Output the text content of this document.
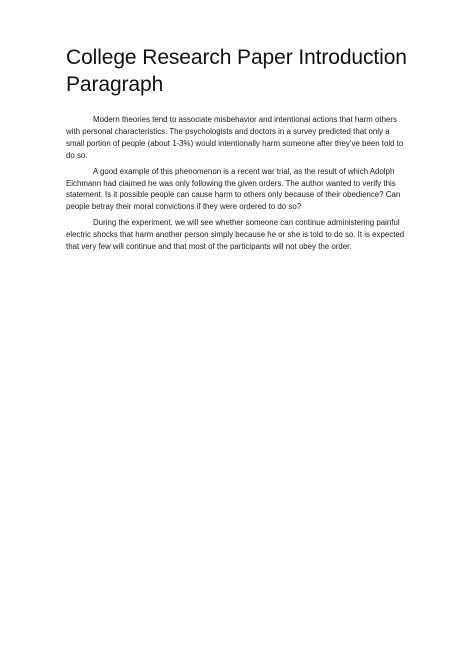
College Research Paper Introduction Paragraph

Modern theories tend to associate misbehavior and intentional actions that harm others with personal characteristics. The psychologists and doctors in a survey predicted that only a small portion of people (about 1-3%) would intentionally harm someone after they’ve been told to do so.

A good example of this phenomenon is a recent war trial, as the result of which Adolph Eichmann had claimed he was only following the given orders. The author wanted to verify this statement. Is it possible people can cause harm to others only because of their obedience? Can people betray their moral convictions if they were ordered to do so?

During the experiment, we will see whether someone can continue administering painful electric shocks that harm another person simply because he or she is told to do so. It is expected that very few will continue and that most of the participants will not obey the order.
